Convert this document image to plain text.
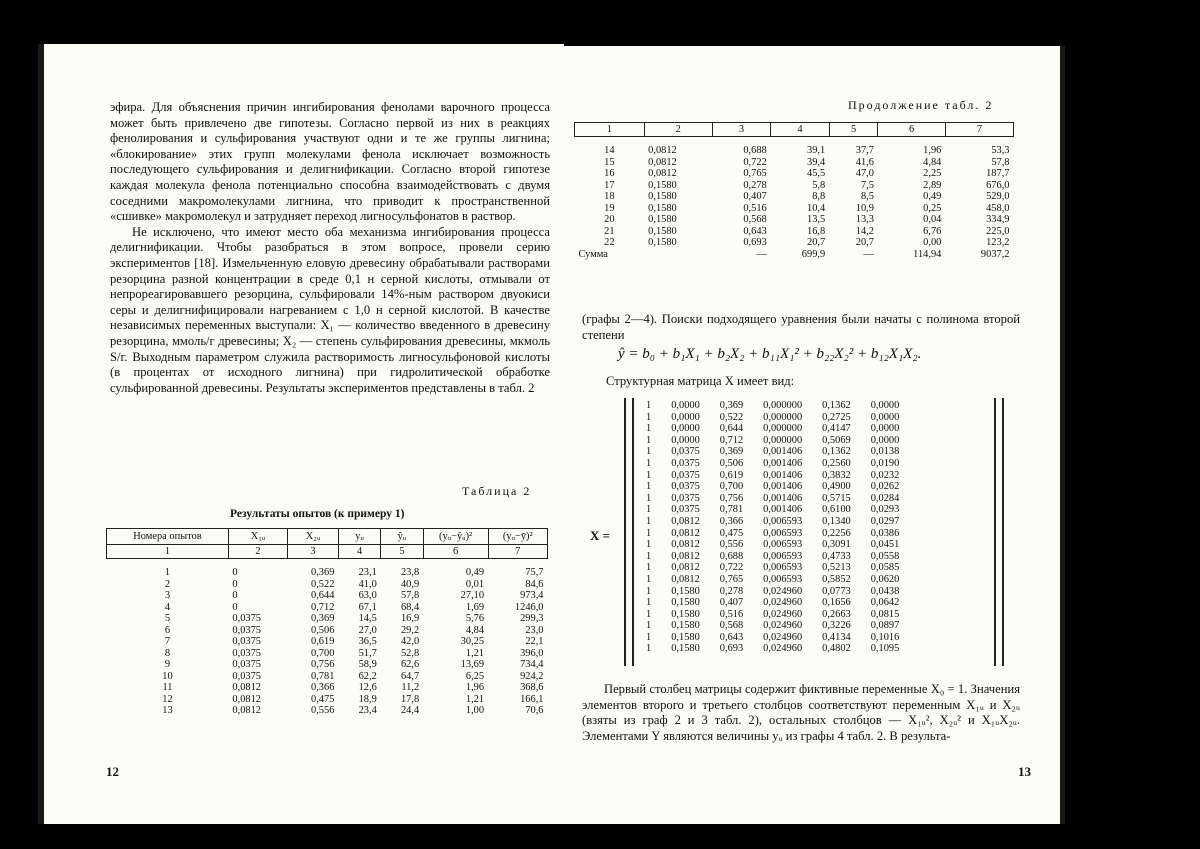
эфира. Для объяснения причин ингибирования фенолами варочного процесса может быть привлечено две гипотезы. Согласно первой из них в реакциях фенолирования и сульфирования участвуют одни и те же группы лигнина; «блокирование» этих групп молекулами фенола исключает возможность последующего сульфирования и делигнификации. Согласно второй гипотезе каждая молекула фенола потенциально способна взаимодействовать с двумя соседними макромолекулами лигнина, что приводит к пространственной «сшивке» макромолекул и затрудняет переход лигносульфонатов в раствор.

Не исключено, что имеют место оба механизма ингибирования процесса делигнификации. Чтобы разобраться в этом вопросе, провели серию экспериментов [18]. Измельченную еловую древесину обрабатывали растворами резорцина разной концентрации в среде 0,1 н серной кислоты, отмывали от непрореагировавшего резорцина, сульфировали 14%-ным раствором двуокиси серы и делигнифицировали нагреванием с 1,0 н серной кислотой. В качестве независимых переменных выступали: X₁ — количество введенного в древесину резорцина, ммоль/г древесины; X₂ — степень сульфирования древесины, мкмоль S/г. Выходным параметром служила растворимость лигносульфоновой кислоты (в процентах от исходного лигнина) при гидролитической обработке сульфированной древесины. Результаты экспериментов представлены в табл. 2

Таблица 2
Результаты опытов (к примеру 1)
Номера опытов	X₁ᵤ	X₂ᵤ	yᵤ	ŷᵤ	(yᵤ−ŷᵤ)²	(yᵤ−ȳ)²
1	2	3	4	5	6	7
1	0	0,369	23,1	23,8	0,49	75,7
2	0	0,522	41,0	40,9	0,01	84,6
3	0	0,644	63,0	57,8	27,10	973,4
4	0	0,712	67,1	68,4	1,69	1246,0
5	0,0375	0,369	14,5	16,9	5,76	299,3
6	0,0375	0,506	27,0	29,2	4,84	23,0
7	0,0375	0,619	36,5	42,0	30,25	22,1
8	0,0375	0,700	51,7	52,8	1,21	396,0
9	0,0375	0,756	58,9	62,6	13,69	734,4
10	0,0375	0,781	62,2	64,7	6,25	924,2
11	0,0812	0,366	12,6	11,2	1,96	368,6
12	0,0812	0,475	18,9	17,8	1,21	166,1
13	0,0812	0,556	23,4	24,4	1,00	70,6
12
Продолжение табл. 2
1	2	3	4	5	6	7
14	0,0812	0,688	39,1	37,7	1,96	53,3
15	0,0812	0,722	39,4	41,6	4,84	57,8
16	0,0812	0,765	45,5	47,0	2,25	187,7
17	0,1580	0,278	5,8	7,5	2,89	676,0
18	0,1580	0,407	8,8	8,5	0,49	529,0
19	0,1580	0,516	10,4	10,9	0,25	458,0
20	0,1580	0,568	13,5	13,3	0,04	334,9
21	0,1580	0,643	16,8	14,2	6,76	225,0
22	0,1580	0,693	20,7	20,7	0,00	123,2
Сумма		—	699,9	—	114,94	9037,2

(графы 2—4). Поиски подходящего уравнения были начаты с полинома второй степени

ŷ = b₀ + b₁X₁ + b₂X₂ + b₁₁X₁² + b₂₂X₂² + b₁₂X₁X₂.

Структурная матрица X имеет вид:

X =
1	0,0000	0,369	0,000000	0,1362	0,0000
1	0,0000	0,522	0,000000	0,2725	0,0000
1	0,0000	0,644	0,000000	0,4147	0,0000
1	0,0000	0,712	0,000000	0,5069	0,0000
1	0,0375	0,369	0,001406	0,1362	0,0138
1	0,0375	0,506	0,001406	0,2560	0,0190
1	0,0375	0,619	0,001406	0,3832	0,0232
1	0,0375	0,700	0,001406	0,4900	0,0262
1	0,0375	0,756	0,001406	0,5715	0,0284
1	0,0375	0,781	0,001406	0,6100	0,0293
1	0,0812	0,366	0,006593	0,1340	0,0297
1	0,0812	0,475	0,006593	0,2256	0,0386
1	0,0812	0,556	0,006593	0,3091	0,0451
1	0,0812	0,688	0,006593	0,4733	0,0558
1	0,0812	0,722	0,006593	0,5213	0,0585
1	0,0812	0,765	0,006593	0,5852	0,0620
1	0,1580	0,278	0,024960	0,0773	0,0438
1	0,1580	0,407	0,024960	0,1656	0,0642
1	0,1580	0,516	0,024960	0,2663	0,0815
1	0,1580	0,568	0,024960	0,3226	0,0897
1	0,1580	0,643	0,024960	0,4134	0,1016
1	0,1580	0,693	0,024960	0,4802	0,1095

Первый столбец матрицы содержит фиктивные переменные X₀ = 1. Значения элементов второго и третьего столбцов соответствуют переменным X₁ᵤ и X₂ᵤ (взяты из граф 2 и 3 табл. 2), остальных столбцов — X₁ᵤ², X₂ᵤ² и X₁ᵤX₂ᵤ. Элементами Y являются величины yᵤ из графы 4 табл. 2. В результа-

13
